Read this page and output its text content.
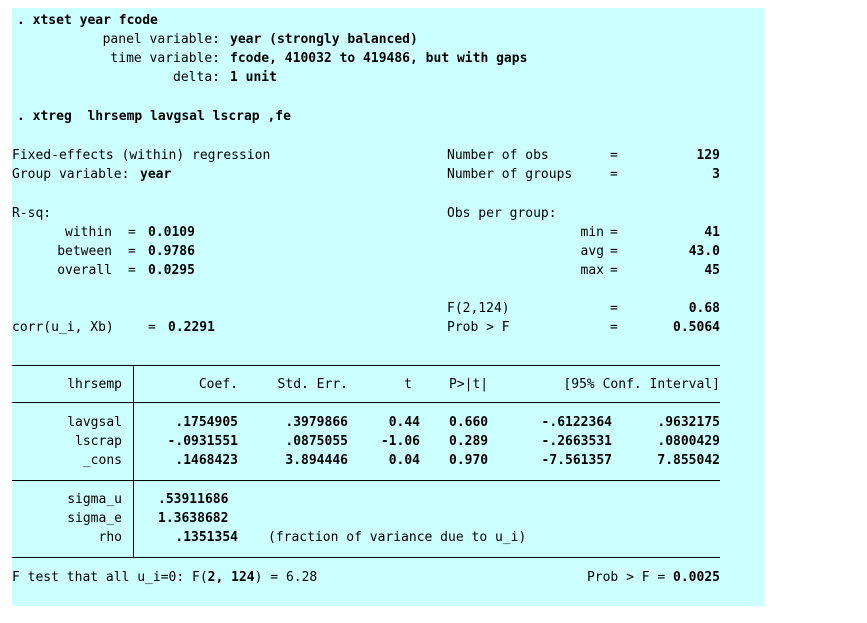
. xtset year fcode
panel variable: year (strongly balanced)
time variable: fcode, 410032 to 419486, but with gaps
delta: 1 unit
. xtreg  lhrsemp lavgsal lscrap ,fe
Fixed-effects (within) regression
Group variable: year
Number of obs	=	129
Number of groups	=	3
R-sq:	Obs per group:
within = 0.0109
between = 0.9786
overall = 0.0295
min =	41
avg =	43.0
max =	45
F(2,124)	=	0.68
corr(u_i, Xb)	= 0.2291	Prob > F	=	0.5064
lhrsemp	Coef.	Std. Err.	t	P>|t|	[95% Conf. Interval]
lavgsal	.1754905	.3979866	0.44 0.660	-.6122364	.9632175
lscrap	-.0931551	.0875055	-1.06 0.289	-.2663531	.0800429
_cons	.1468423	3.894446	0.04 0.970	-7.561357	7.855042
sigma_u	.53911686
sigma_e	1.3638682
rho	.1351354 (fraction of variance due to u_i)
F test that all u_i=0: F(2, 124) = 6.28	Prob > F = 0.0025
